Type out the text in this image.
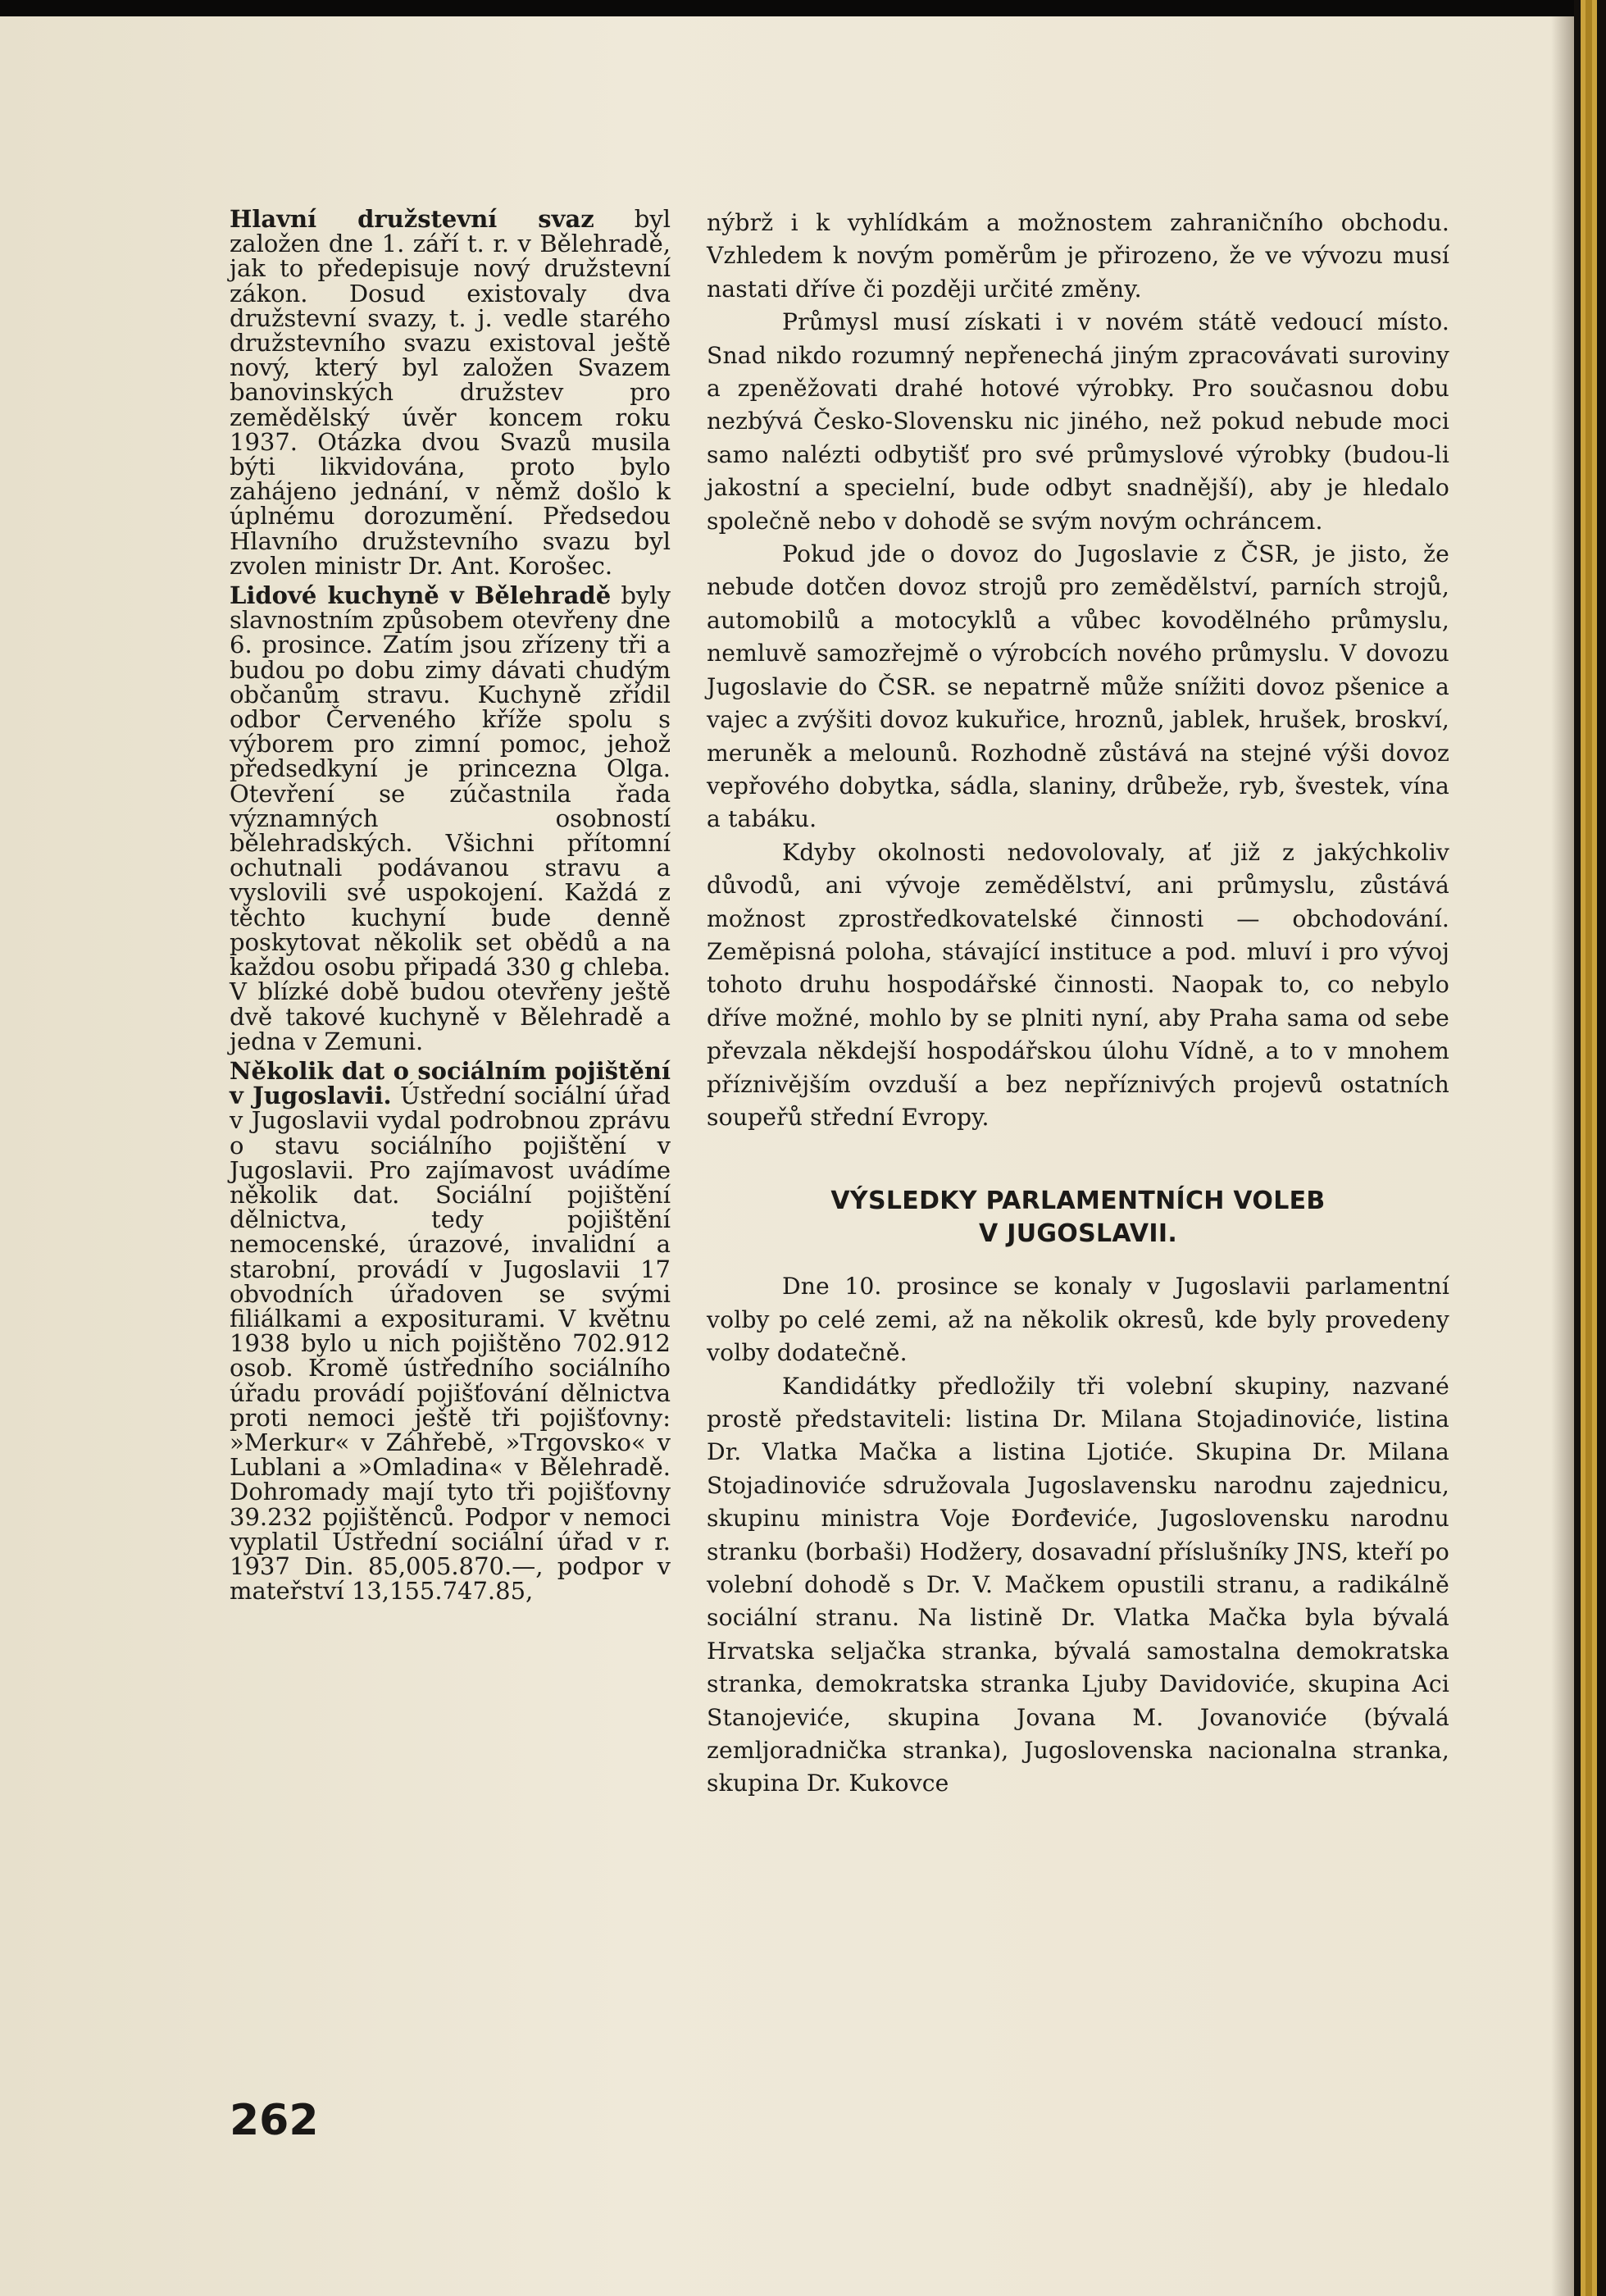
Hlavní družstevní svaz byl založen dne 1. září t. r. v Bělehradě, jak to předepisuje nový družstevní zákon. Dosud existovaly dva družstevní svazy, t. j. vedle starého družstevního svazu existoval ještě nový, který byl založen Svazem banovinských družstev pro zemědělský úvěr koncem roku 1937. Otázka dvou Svazů musila býti likvidována, proto bylo zahájeno jednání, v němž došlo k úplnému dorozumění. Předsedou Hlavního družstevního svazu byl zvolen ministr Dr. Ant. Korošec.

Lidové kuchyně v Bělehradě byly slavnostním způsobem otevřeny dne 6. prosince. Zatím jsou zřízeny tři a budou po dobu zimy dávati chudým občanům stravu. Kuchyně zřídil odbor Červeného kříže spolu s výborem pro zimní pomoc, jehož předsedkyní je princezna Olga. Otevření se zúčastnila řada významných osobností bělehradských. Všichni přítomní ochutnali podávanou stravu a vyslovili své uspokojení. Každá z těchto kuchyní bude denně poskytovat několik set obědů a na každou osobu připadá 330 g chleba. V blízké době budou otevřeny ještě dvě takové kuchyně v Bělehradě a jedna v Zemuni.

Několik dat o sociálním pojištění v Jugoslavii. Ústřední sociální úřad v Jugoslavii vydal podrobnou zprávu o stavu sociálního pojištění v Jugoslavii. Pro zajímavost uvádíme několik dat. Sociální pojištění dělnictva, tedy pojištění nemocenské, úrazové, invalidní a starobní, provádí v Jugoslavii 17 obvodních úřadoven se svými filiálkami a expositurami. V květnu 1938 bylo u nich pojištěno 702.912 osob. Kromě ústředního sociálního úřadu provádí pojišťování dělnictva proti nemoci ještě tři pojišťovny: »Merkur« v Záhřebě, »Trgovsko« v Lublani a »Omladina« v Bělehradě. Dohromady mají tyto tři pojišťovny 39.232 pojištěnců. Podpor v nemoci vyplatil Ústřední sociální úřad v r. 1937 Din. 85,005.870.—, podpor v mateřství 13,155.747.85,

nýbrž i k vyhlídkám a možnostem zahraničního obchodu. Vzhledem k novým poměrům je přirozeno, že ve vývozu musí nastati dříve či později určité změny.

Průmysl musí získati i v novém státě vedoucí místo. Snad nikdo rozumný nepřenechá jiným zpracovávati suroviny a zpeněžovati drahé hotové výrobky. Pro současnou dobu nezbývá Česko-Slovensku nic jiného, než pokud nebude moci samo nalézti odbytišť pro své průmyslové výrobky (budou-li jakostní a specielní, bude odbyt snadnější), aby je hledalo společně nebo v dohodě se svým novým ochráncem.

Pokud jde o dovoz do Jugoslavie z ČSR, je jisto, že nebude dotčen dovoz strojů pro zemědělství, parních strojů, automobilů a motocyklů a vůbec kovodělného průmyslu, nemluvě samozřejmě o výrobcích nového průmyslu. V dovozu Jugoslavie do ČSR. se nepatrně může snížiti dovoz pšenice a vajec a zvýšiti dovoz kukuřice, hroznů, jablek, hrušek, broskví, meruněk a melounů. Rozhodně zůstává na stejné výši dovoz vepřového dobytka, sádla, slaniny, drůbeže, ryb, švestek, vína a tabáku.

Kdyby okolnosti nedovolovaly, ať již z jakýchkoliv důvodů, ani vývoje zemědělství, ani průmyslu, zůstává možnost zprostředkovatelské činnosti — obchodování. Zeměpisná poloha, stávající instituce a pod. mluví i pro vývoj tohoto druhu hospodářské činnosti. Naopak to, co nebylo dříve možné, mohlo by se plniti nyní, aby Praha sama od sebe převzala někdejší hospodářskou úlohu Vídně, a to v mnohem příznivějším ovzduší a bez nepříznivých projevů ostatních soupeřů střední Evropy.

VÝSLEDKY PARLAMENTNÍCH VOLEB
V JUGOSLAVII.

Dne 10. prosince se konaly v Jugoslavii parlamentní volby po celé zemi, až na několik okresů, kde byly provedeny volby dodatečně.

Kandidátky předložily tři volební skupiny, nazvané prostě představiteli: listina Dr. Milana Stojadinoviće, listina Dr. Vlatka Mačka a listina Ljotiće. Skupina Dr. Milana Stojadinoviće sdružovala Jugoslavensku narodnu zajednicu, skupinu ministra Voje Đorđeviće, Jugoslovensku narodnu stranku (borbaši) Hodžery, dosavadní příslušníky JNS, kteří po volební dohodě s Dr. V. Mačkem opustili stranu, a radikálně sociální stranu. Na listině Dr. Vlatka Mačka byla bývalá Hrvatska seljačka stranka, bývalá samostalna demokratska stranka, demokratska stranka Ljuby Davidoviće, skupina Aci Stanojeviće, skupina Jovana M. Jovanoviće (bývalá zemljoradnička stranka), Jugoslovenska nacionalna stranka, skupina Dr. Kukovce

262
